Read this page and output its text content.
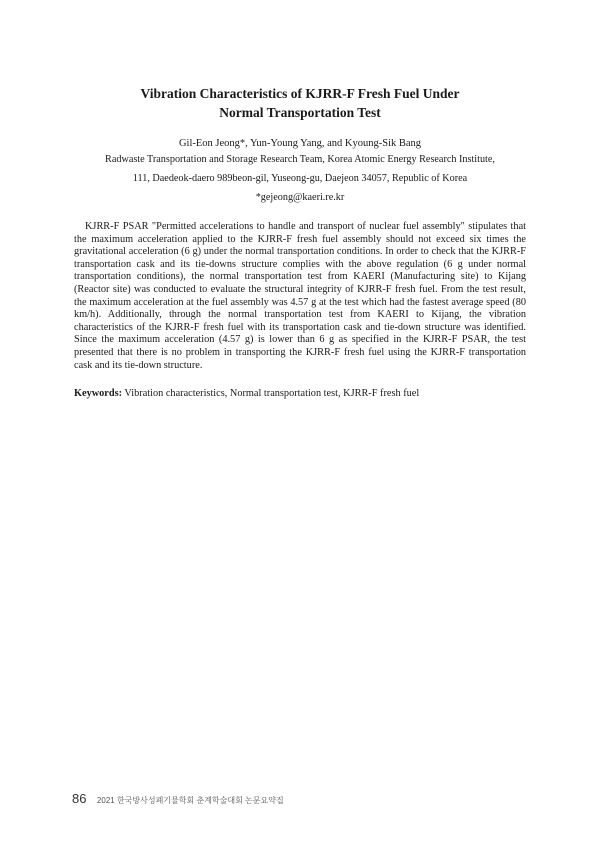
Vibration Characteristics of KJRR-F Fresh Fuel Under
Normal Transportation Test
Gil-Eon Jeong*, Yun-Young Yang, and Kyoung-Sik Bang
Radwaste Transportation and Storage Research Team, Korea Atomic Energy Research Institute,
111, Daedeok-daero 989beon-gil, Yuseong-gu, Daejeon 34057, Republic of Korea
*gejeong@kaeri.re.kr

KJRR-F PSAR "Permitted accelerations to handle and transport of nuclear fuel assembly" stipulates that the maximum acceleration applied to the KJRR-F fresh fuel assembly should not exceed six times the gravitational acceleration (6 g) under the normal transportation conditions. In order to check that the KJRR-F transportation cask and its tie-downs structure complies with the above regulation (6 g under normal transportation conditions), the normal transportation test from KAERI (Manufacturing site) to Kijang (Reactor site) was conducted to evaluate the structural integrity of KJRR-F fresh fuel. From the test result, the maximum acceleration at the fuel assembly was 4.57 g at the test which had the fastest average speed (80 km/h). Additionally, through the normal transportation test from KAERI to Kijang, the vibration characteristics of the KJRR-F fresh fuel with its transportation cask and tie-down structure was identified. Since the maximum acceleration (4.57 g) is lower than 6 g as specified in the KJRR-F PSAR, the test presented that there is no problem in transporting the KJRR-F fresh fuel using the KJRR-F transportation cask and its tie-down structure.

Keywords: Vibration characteristics, Normal transportation test, KJRR-F fresh fuel
86 2021 한국방사성폐기물학회 춘계학술대회 논문요약집
